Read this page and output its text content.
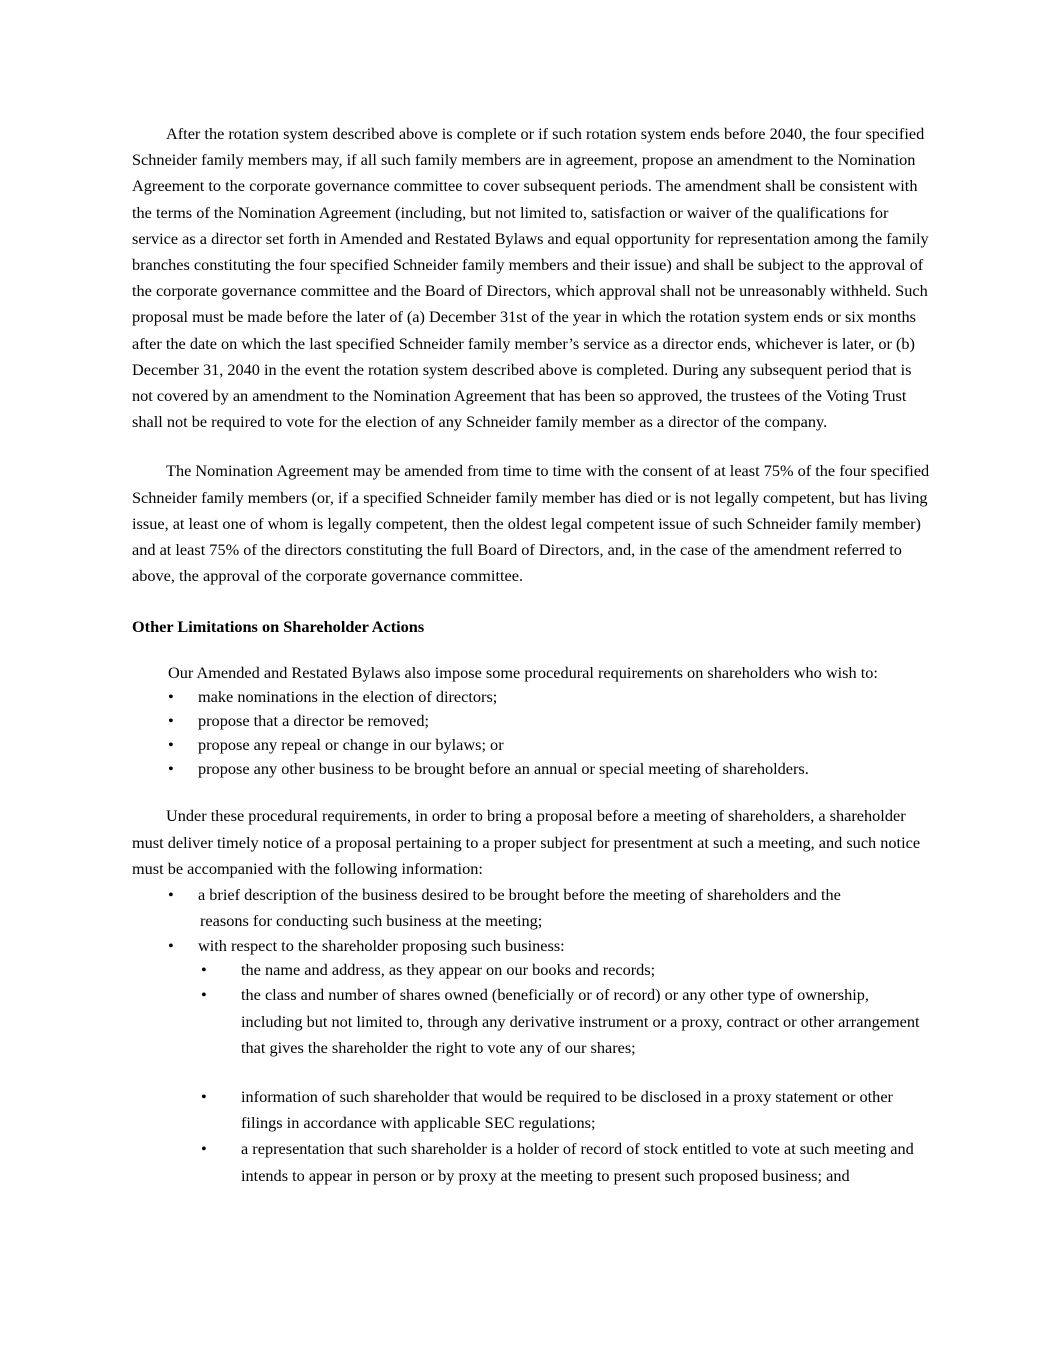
After the rotation system described above is complete or if such rotation system ends before 2040, the four specified Schneider family members may, if all such family members are in agreement, propose an amendment to the Nomination Agreement to the corporate governance committee to cover subsequent periods. The amendment shall be consistent with the terms of the Nomination Agreement (including, but not limited to, satisfaction or waiver of the qualifications for service as a director set forth in Amended and Restated Bylaws and equal opportunity for representation among the family branches constituting the four specified Schneider family members and their issue) and shall be subject to the approval of the corporate governance committee and the Board of Directors, which approval shall not be unreasonably withheld. Such proposal must be made before the later of (a) December 31st of the year in which the rotation system ends or six months after the date on which the last specified Schneider family member’s service as a director ends, whichever is later, or (b) December 31, 2040 in the event the rotation system described above is completed. During any subsequent period that is not covered by an amendment to the Nomination Agreement that has been so approved, the trustees of the Voting Trust shall not be required to vote for the election of any Schneider family member as a director of the company.

The Nomination Agreement may be amended from time to time with the consent of at least 75% of the four specified Schneider family members (or, if a specified Schneider family member has died or is not legally competent, but has living issue, at least one of whom is legally competent, then the oldest legal competent issue of such Schneider family member) and at least 75% of the directors constituting the full Board of Directors, and, in the case of the amendment referred to above, the approval of the corporate governance committee.

Other Limitations on Shareholder Actions

Our Amended and Restated Bylaws also impose some procedural requirements on shareholders who wish to:

• make nominations in the election of directors;
• propose that a director be removed;
• propose any repeal or change in our bylaws; or
• propose any other business to be brought before an annual or special meeting of shareholders.

Under these procedural requirements, in order to bring a proposal before a meeting of shareholders, a shareholder must deliver timely notice of a proposal pertaining to a proper subject for presentment at such a meeting, and such notice must be accompanied with the following information:

• a brief description of the business desired to be brought before the meeting of shareholders and the
reasons for conducting such business at the meeting;
• with respect to the shareholder proposing such business:
• the name and address, as they appear on our books and records;
• the class and number of shares owned (beneficially or of record) or any other type of ownership, including but not limited to, through any derivative instrument or a proxy, contract or other arrangement that gives the shareholder the right to vote any of our shares;
• information of such shareholder that would be required to be disclosed in a proxy statement or other filings in accordance with applicable SEC regulations;
• a representation that such shareholder is a holder of record of stock entitled to vote at such meeting and intends to appear in person or by proxy at the meeting to present such proposed business; and
